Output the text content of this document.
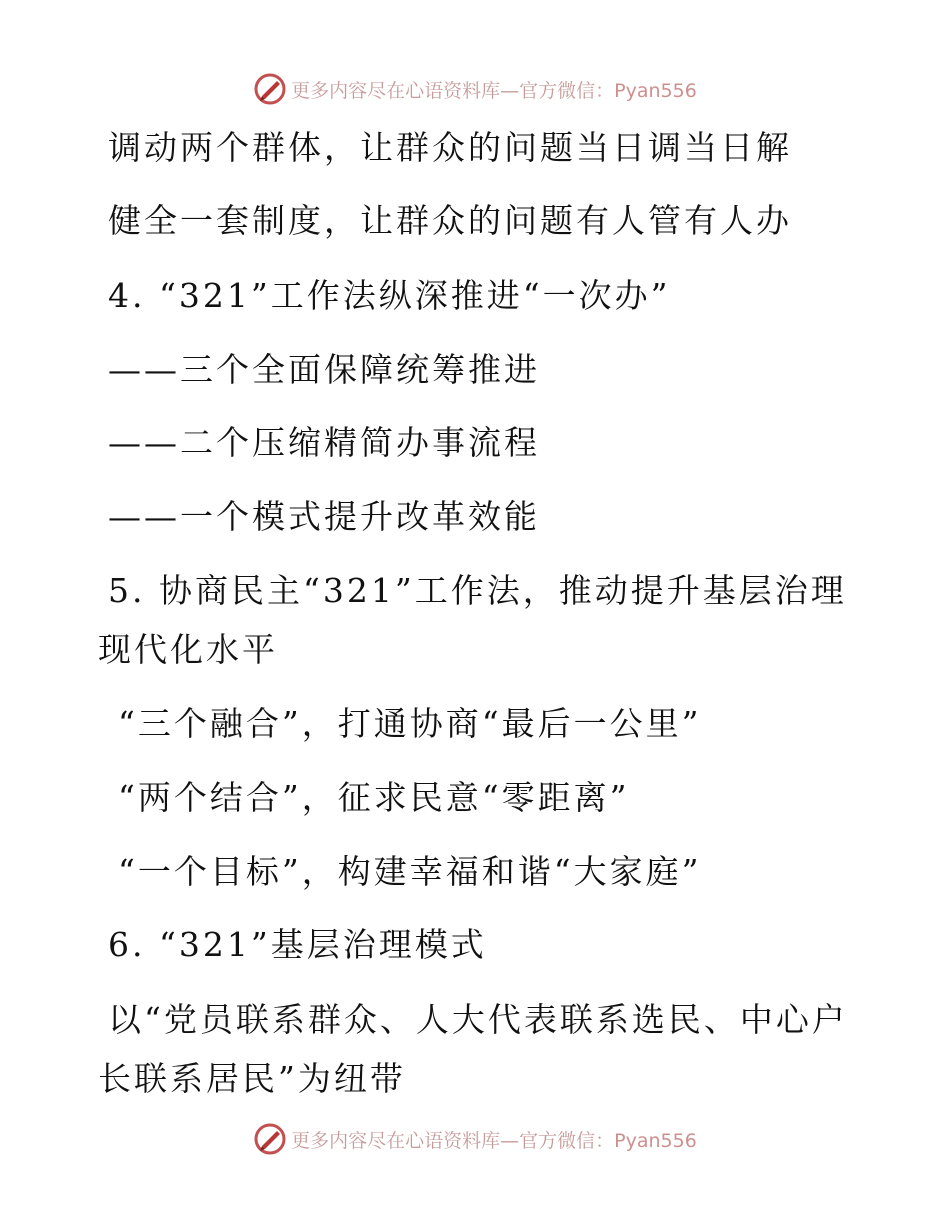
更多内容尽在心语资料库—官方微信：Pyan556
调动两个群体，让群众的问题当日调当日解
健全一套制度，让群众的问题有人管有人办
4. “321”工作法纵深推进“一次办”
——三个全面保障统筹推进
——二个压缩精简办事流程
——一个模式提升改革效能
5. 协商民主“321”工作法，推动提升基层治理
现代化水平
“三个融合”，打通协商“最后一公里”
“两个结合”，征求民意“零距离”
“一个目标”，构建幸福和谐“大家庭”
6. “321”基层治理模式
以“党员联系群众、人大代表联系选民、中心户
长联系居民”为纽带
更多内容尽在心语资料库—官方微信：Pyan556
